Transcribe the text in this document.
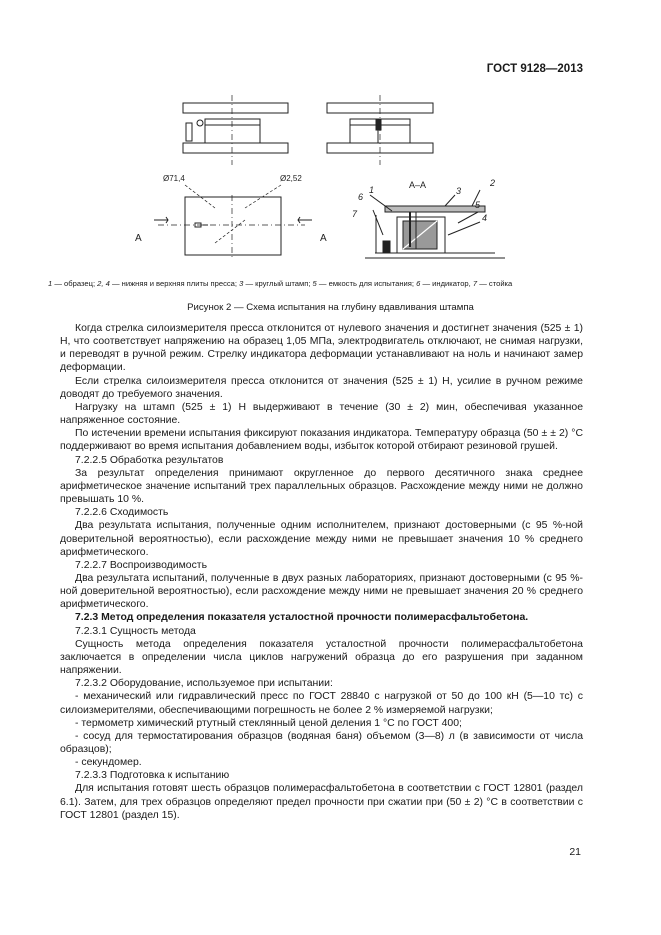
ГОСТ 9128—2013
Ø71,4	Ø2,52
А	А
А–А
1
2
3
4
5
6
7
1 — образец; 2, 4 — нижняя и верхняя плиты пресса; 3 — круглый штамп; 5 — емкость для испытания; 6 — индикатор, 7 — стойка
Рисунок 2 — Схема испытания на глубину вдавливания штампа

Когда стрелка силоизмерителя пресса отклонится от нулевого значения и достигнет значения (525 ± 1) Н, что соответствует напряжению на образец 1,05 МПа, электродвигатель отключают, не снимая нагрузки, и переводят в ручной режим. Стрелку индикатора деформации устанавливают на ноль и начинают замер деформации.

Если стрелка силоизмерителя пресса отклонится от значения (525 ± 1) Н, усилие в ручном режиме доводят до требуемого значения.

Нагрузку на штамп (525 ± 1) Н выдерживают в течение (30 ± 2) мин, обеспечивая указанное напряженное состояние.

По истечении времени испытания фиксируют показания индикатора. Температуру образца (50 ± ± 2) °С поддерживают во время испытания добавлением воды, избыток которой отбирают резиновой грушей.

7.2.2.5 Обработка результатов

За результат определения принимают округленное до первого десятичного знака среднее арифметическое значение испытаний трех параллельных образцов. Расхождение между ними не должно превышать 10 %.

7.2.2.6 Сходимость

Два результата испытания, полученные одним исполнителем, признают достоверными (с 95 %-ной доверительной вероятностью), если расхождение между ними не превышает значения 10 % среднего арифметического.

7.2.2.7 Воспроизводимость

Два результата испытаний, полученные в двух разных лабораториях, признают достоверными (с 95 %-ной доверительной вероятностью), если расхождение между ними не превышает значения 20 % среднего арифметического.

7.2.3 Метод определения показателя усталостной прочности полимерасфальтобетона.

7.2.3.1 Сущность метода

Сущность метода определения показателя усталостной прочности полимерасфальтобетона заключается в определении числа циклов нагружений образца до его разрушения при заданном напряжении.

7.2.3.2 Оборудование, используемое при испытании:

- механический или гидравлический пресс по ГОСТ 28840 с нагрузкой от 50 до 100 кН (5—10 тс) с силоизмерителями, обеспечивающими погрешность не более 2 % измеряемой нагрузки;

- термометр химический ртутный стеклянный ценой деления 1 °С по ГОСТ 400;

- сосуд для термостатирования образцов (водяная баня) объемом (3—8) л (в зависимости от числа образцов);

- секундомер.

7.2.3.3 Подготовка к испытанию

Для испытания готовят шесть образцов полимерасфальтобетона в соответствии с ГОСТ 12801 (раздел 6.1). Затем, для трех образцов определяют предел прочности при сжатии при (50 ± 2) °С в соответствии с ГОСТ 12801 (раздел 15).

21
